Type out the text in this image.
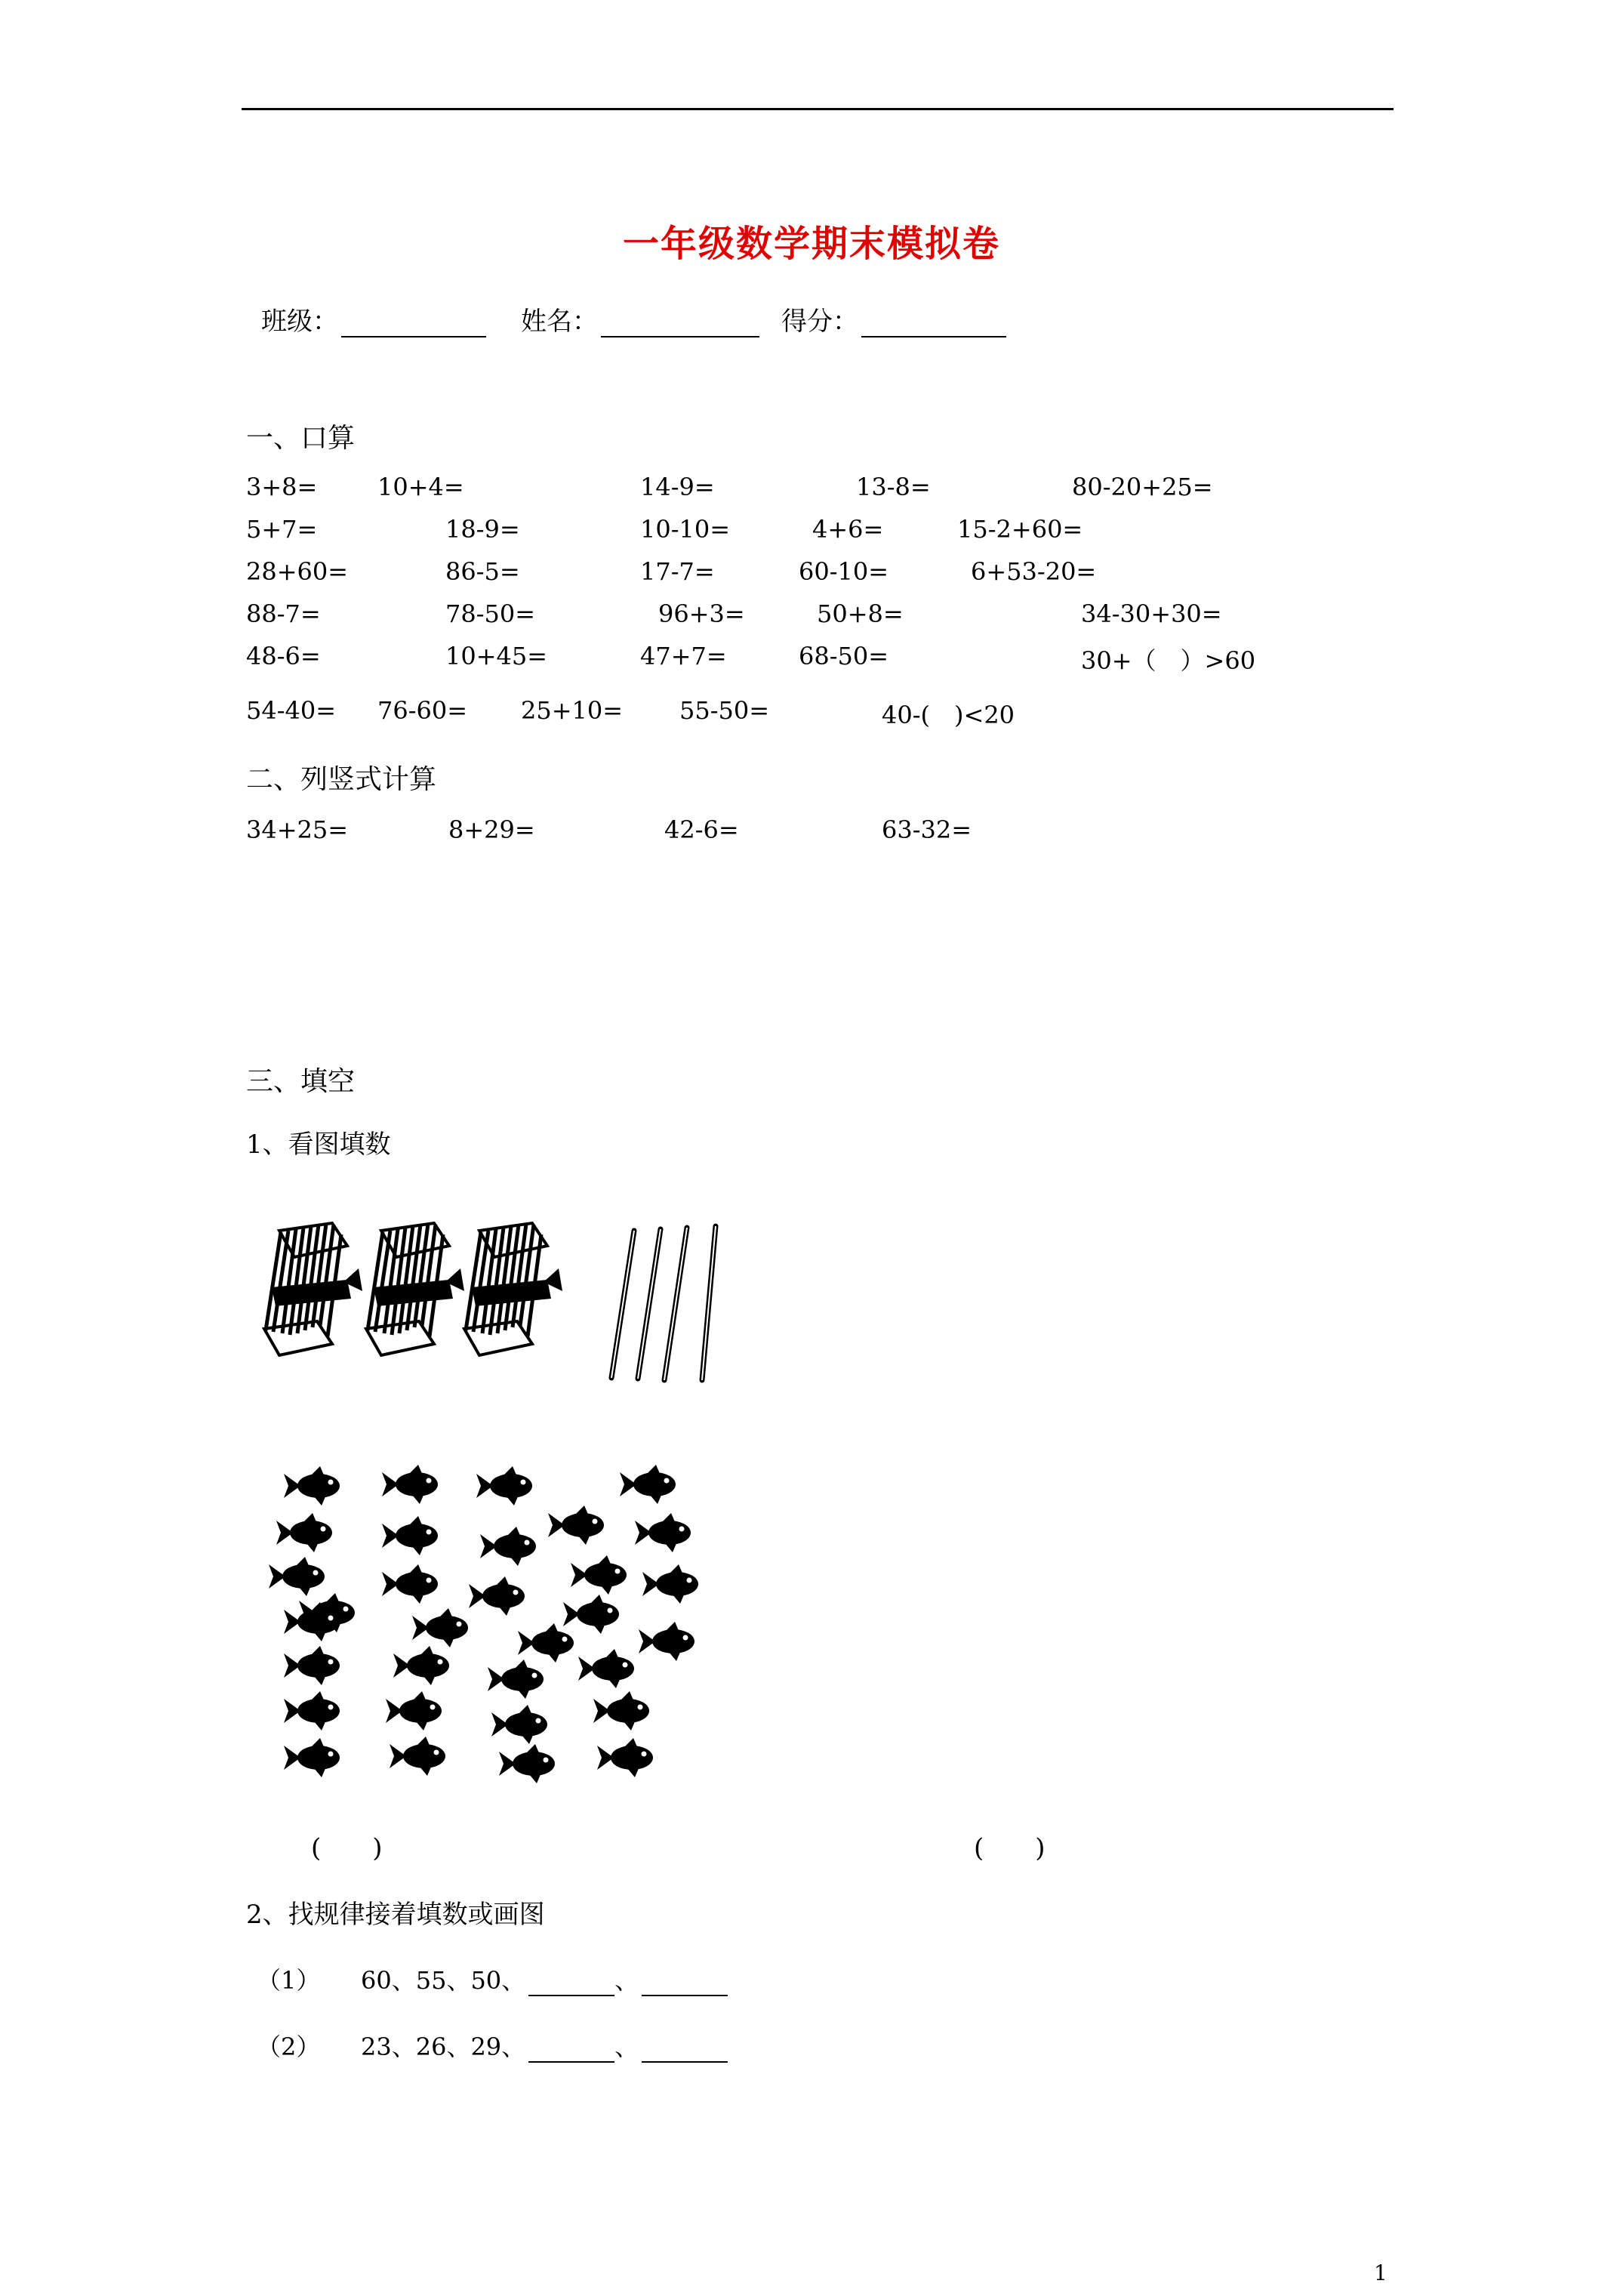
一年级数学期末模拟卷
班级：	姓名：	得分：
一、口算
3+8= 10+4=	14-9=	13-8=	80-20+25=
5+7=	18-9=	10-10=	4+6=	15-2+60=
28+60=	86-5=	17-7=	60-10=	6+53-20=
88-7=	78-50=	96+3=	50+8=	34-30+30=
48-6=	10+45=	47+7=	68-50=	30+（　）>60
54-40= 76-60= 25+10= 55-50=	40-(　)<20
二、列竖式计算
34+25=	8+29=	42-6=	63-32=
三、填空
1、看图填数
(　　)	(　　)
2、找规律接着填数或画图
（1） 60、55、50、	、
（2） 23、26、29、	、
1
